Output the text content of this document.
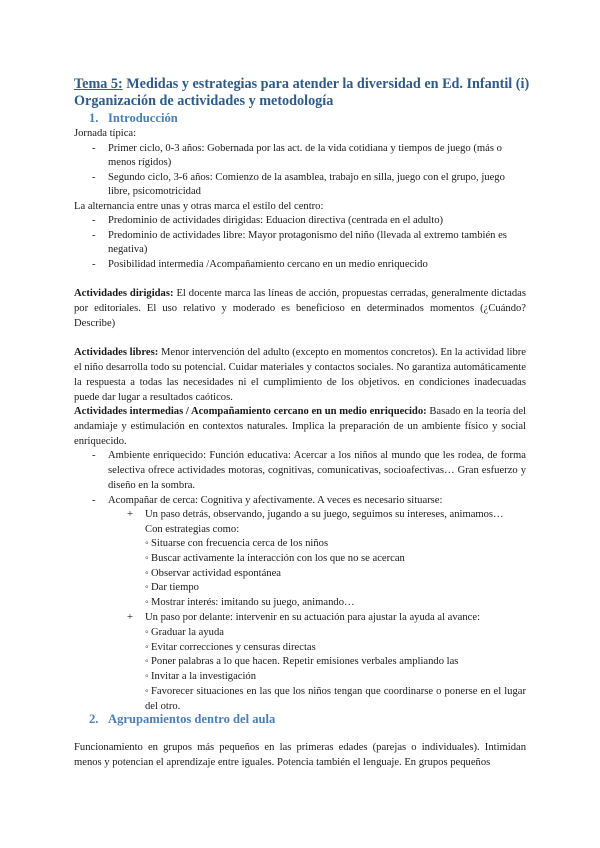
Tema 5: Medidas y estrategias para atender la diversidad en Ed. Infantil (i)
Organización de actividades y metodología
1. Introducción
Jornada típica:
- Primer ciclo, 0-3 años: Gobernada por las act. de la vida cotidiana y tiempos de juego (más o
menos rígidos)
- Segundo ciclo, 3-6 años: Comienzo de la asamblea, trabajo en silla, juego con el grupo, juego
libre, psicomotricidad
La alternancia entre unas y otras marca el estilo del centro:
- Predominio de actividades dirigidas: Eduacion directiva (centrada en el adulto)
- Predominio de actividades libre: Mayor protagonismo del niño (llevada al extremo también es
negativa)
- Posibilidad intermedia /Acompañamiento cercano en un medio enriquecido
Actividades dirigidas: El docente marca las líneas de acción, propuestas cerradas, generalmente dictadas por editoriales. El uso relativo y moderado es beneficioso en determinados momentos (¿Cuándo? Describe)
Actividades libres: Menor intervención del adulto (excepto en momentos concretos). En la actividad libre el niño desarrolla todo su potencial. Cuidar materiales y contactos sociales. No garantiza automáticamente la respuesta a todas las necesidades ni el cumplimiento de los objetivos. en condiciones inadecuadas puede dar lugar a resultados caóticos.
Actividades intermedias / Acompañamiento cercano en un medio enriquecido: Basado en la teoría del andamiaje y estimulación en contextos naturales. Implica la preparación de un ambiente físico y social enriquecido.
- Ambiente enriquecido: Función educativa: Acercar a los niños al mundo que les rodea, de forma selectiva ofrece actividades motoras, cognitivas, comunicativas, socioafectivas… Gran esfuerzo y diseño en la sombra.
- Acompañar de cerca: Cognitiva y afectivamente. A veces es necesario situarse:
+ Un paso detrás, observando, jugando a su juego, seguimos su intereses, animamos…
Con estrategias como:
◦ Situarse con frecuencia cerca de los niños
◦ Buscar activamente la interacción con los que no se acercan
◦ Observar actividad espontánea
◦ Dar tiempo
◦ Mostrar interés: imitando su juego, animando…
+ Un paso por delante: intervenir en su actuación para ajustar la ayuda al avance:
◦ Graduar la ayuda
◦ Evitar correcciones y censuras directas
◦ Poner palabras a lo que hacen. Repetir emisiones verbales ampliando las
◦ Invitar a la investigación
◦ Favorecer situaciones en las que los niños tengan que coordinarse o ponerse en el lugar del otro.
2. Agrupamientos dentro del aula
Funcionamiento en grupos más pequeños en las primeras edades (parejas o individuales). Intimidan menos y potencian el aprendizaje entre iguales. Potencia también el lenguaje. En grupos pequeños
